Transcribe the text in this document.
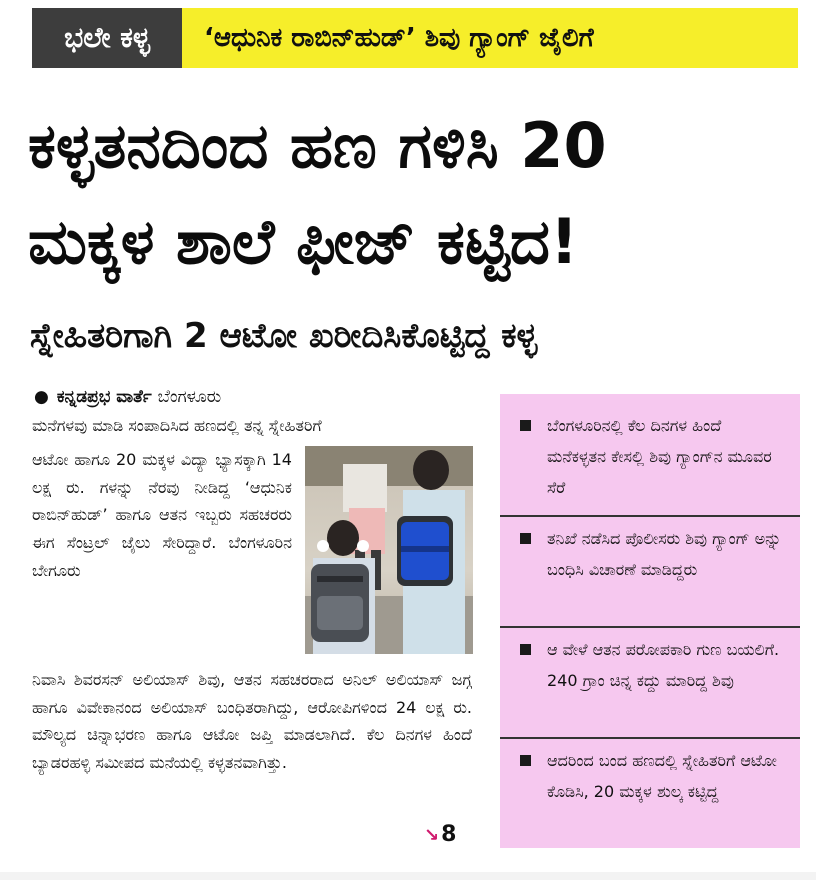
ಭಲೇ ಕಳ್ಳ	‘ಆಧುನಿಕ ರಾಬಿನ್‌ಹುಡ್’ ಶಿವು ಗ್ಯಾಂಗ್ ಜೈಲಿಗೆ
ಕಳ್ಳತನದಿಂದ ಹಣ ಗಳಿಸಿ 20
ಮಕ್ಕಳ ಶಾಲೆ ಫೀಜ್ ಕಟ್ಟಿದ!
ಸ್ನೇಹಿತರಿಗಾಗಿ 2 ಆಟೋ ಖರೀದಿಸಿಕೊಟ್ಟಿದ್ದ ಕಳ್ಳ
● ಕನ್ನಡಪ್ರಭ ವಾರ್ತೆ ಬೆಂಗಳೂರು

ಮನೆಗಳವು ಮಾಡಿ ಸಂಪಾದಿಸಿದ ಹಣದಲ್ಲಿ ತನ್ನ ಸ್ನೇಹಿತರಿಗೆ

ಆಟೋ ಹಾಗೂ 20 ಮಕ್ಕಳ ವಿದ್ಯಾ ಭ್ಯಾಸಕ್ಕಾಗಿ 14 ಲಕ್ಷ ರು. ಗಳನ್ನು ನೆರವು ನೀಡಿದ್ದ ‘ಆಧುನಿಕ ರಾಬಿನ್‌ಹುಡ್’ ಹಾಗೂ ಆತನ ಇಬ್ಬರು ಸಹಚರರು ಈಗ ಸೆಂಟ್ರಲ್ ಜೈಲು ಸೇರಿದ್ದಾರೆ. ಬೆಂಗಳೂರಿನ ಬೇಗೂರು

ನಿವಾಸಿ ಶಿವರಸನ್ ಅಲಿಯಾಸ್ ಶಿವು, ಆತನ ಸಹಚರರಾದ ಅನಿಲ್ ಅಲಿಯಾಸ್ ಜಗ್ಗ ಹಾಗೂ ವಿವೇಕಾನಂದ ಅಲಿಯಾಸ್ ಬಂಧಿತರಾಗಿದ್ದು, ಆರೋಪಿಗಳಿಂದ 24 ಲಕ್ಷ ರು. ಮೌಲ್ಯದ ಚಿನ್ನಾಭರಣ ಹಾಗೂ ಆಟೋ ಜಪ್ತಿ ಮಾಡಲಾಗಿದೆ. ಕೆಲ ದಿನಗಳ ಹಿಂದೆ ಬ್ಯಾಡರಹಳ್ಳಿ ಸಮೀಪದ ಮನೆಯಲ್ಲಿ ಕಳ್ಳತನವಾಗಿತ್ತು.

↘8
ಬೆಂಗಳೂರಿನಲ್ಲಿ ಕೆಲ ದಿನಗಳ ಹಿಂದೆ ಮನೆಕಳ್ಳತನ ಕೇಸಲ್ಲಿ ಶಿವು ಗ್ಯಾಂಗ್‌ನ ಮೂವರ ಸೆರೆ
ತನಿಖೆ ನಡೆಸಿದ ಪೊಲೀಸರು ಶಿವು ಗ್ಯಾಂಗ್ ಅನ್ನು ಬಂಧಿಸಿ ವಿಚಾರಣೆ ಮಾಡಿದ್ದರು
ಆ ವೇಳೆ ಆತನ ಪರೋಪಕಾರಿ ಗುಣ ಬಯಲಿಗೆ. 240 ಗ್ರಾಂ ಚಿನ್ನ ಕದ್ದು ಮಾರಿದ್ದ ಶಿವು
ಆದರಿಂದ ಬಂದ ಹಣದಲ್ಲಿ ಸ್ನೇಹಿತರಿಗೆ ಆಟೋ ಕೊಡಿಸಿ, 20 ಮಕ್ಕಳ ಶುಲ್ಕ ಕಟ್ಟಿದ್ದ
